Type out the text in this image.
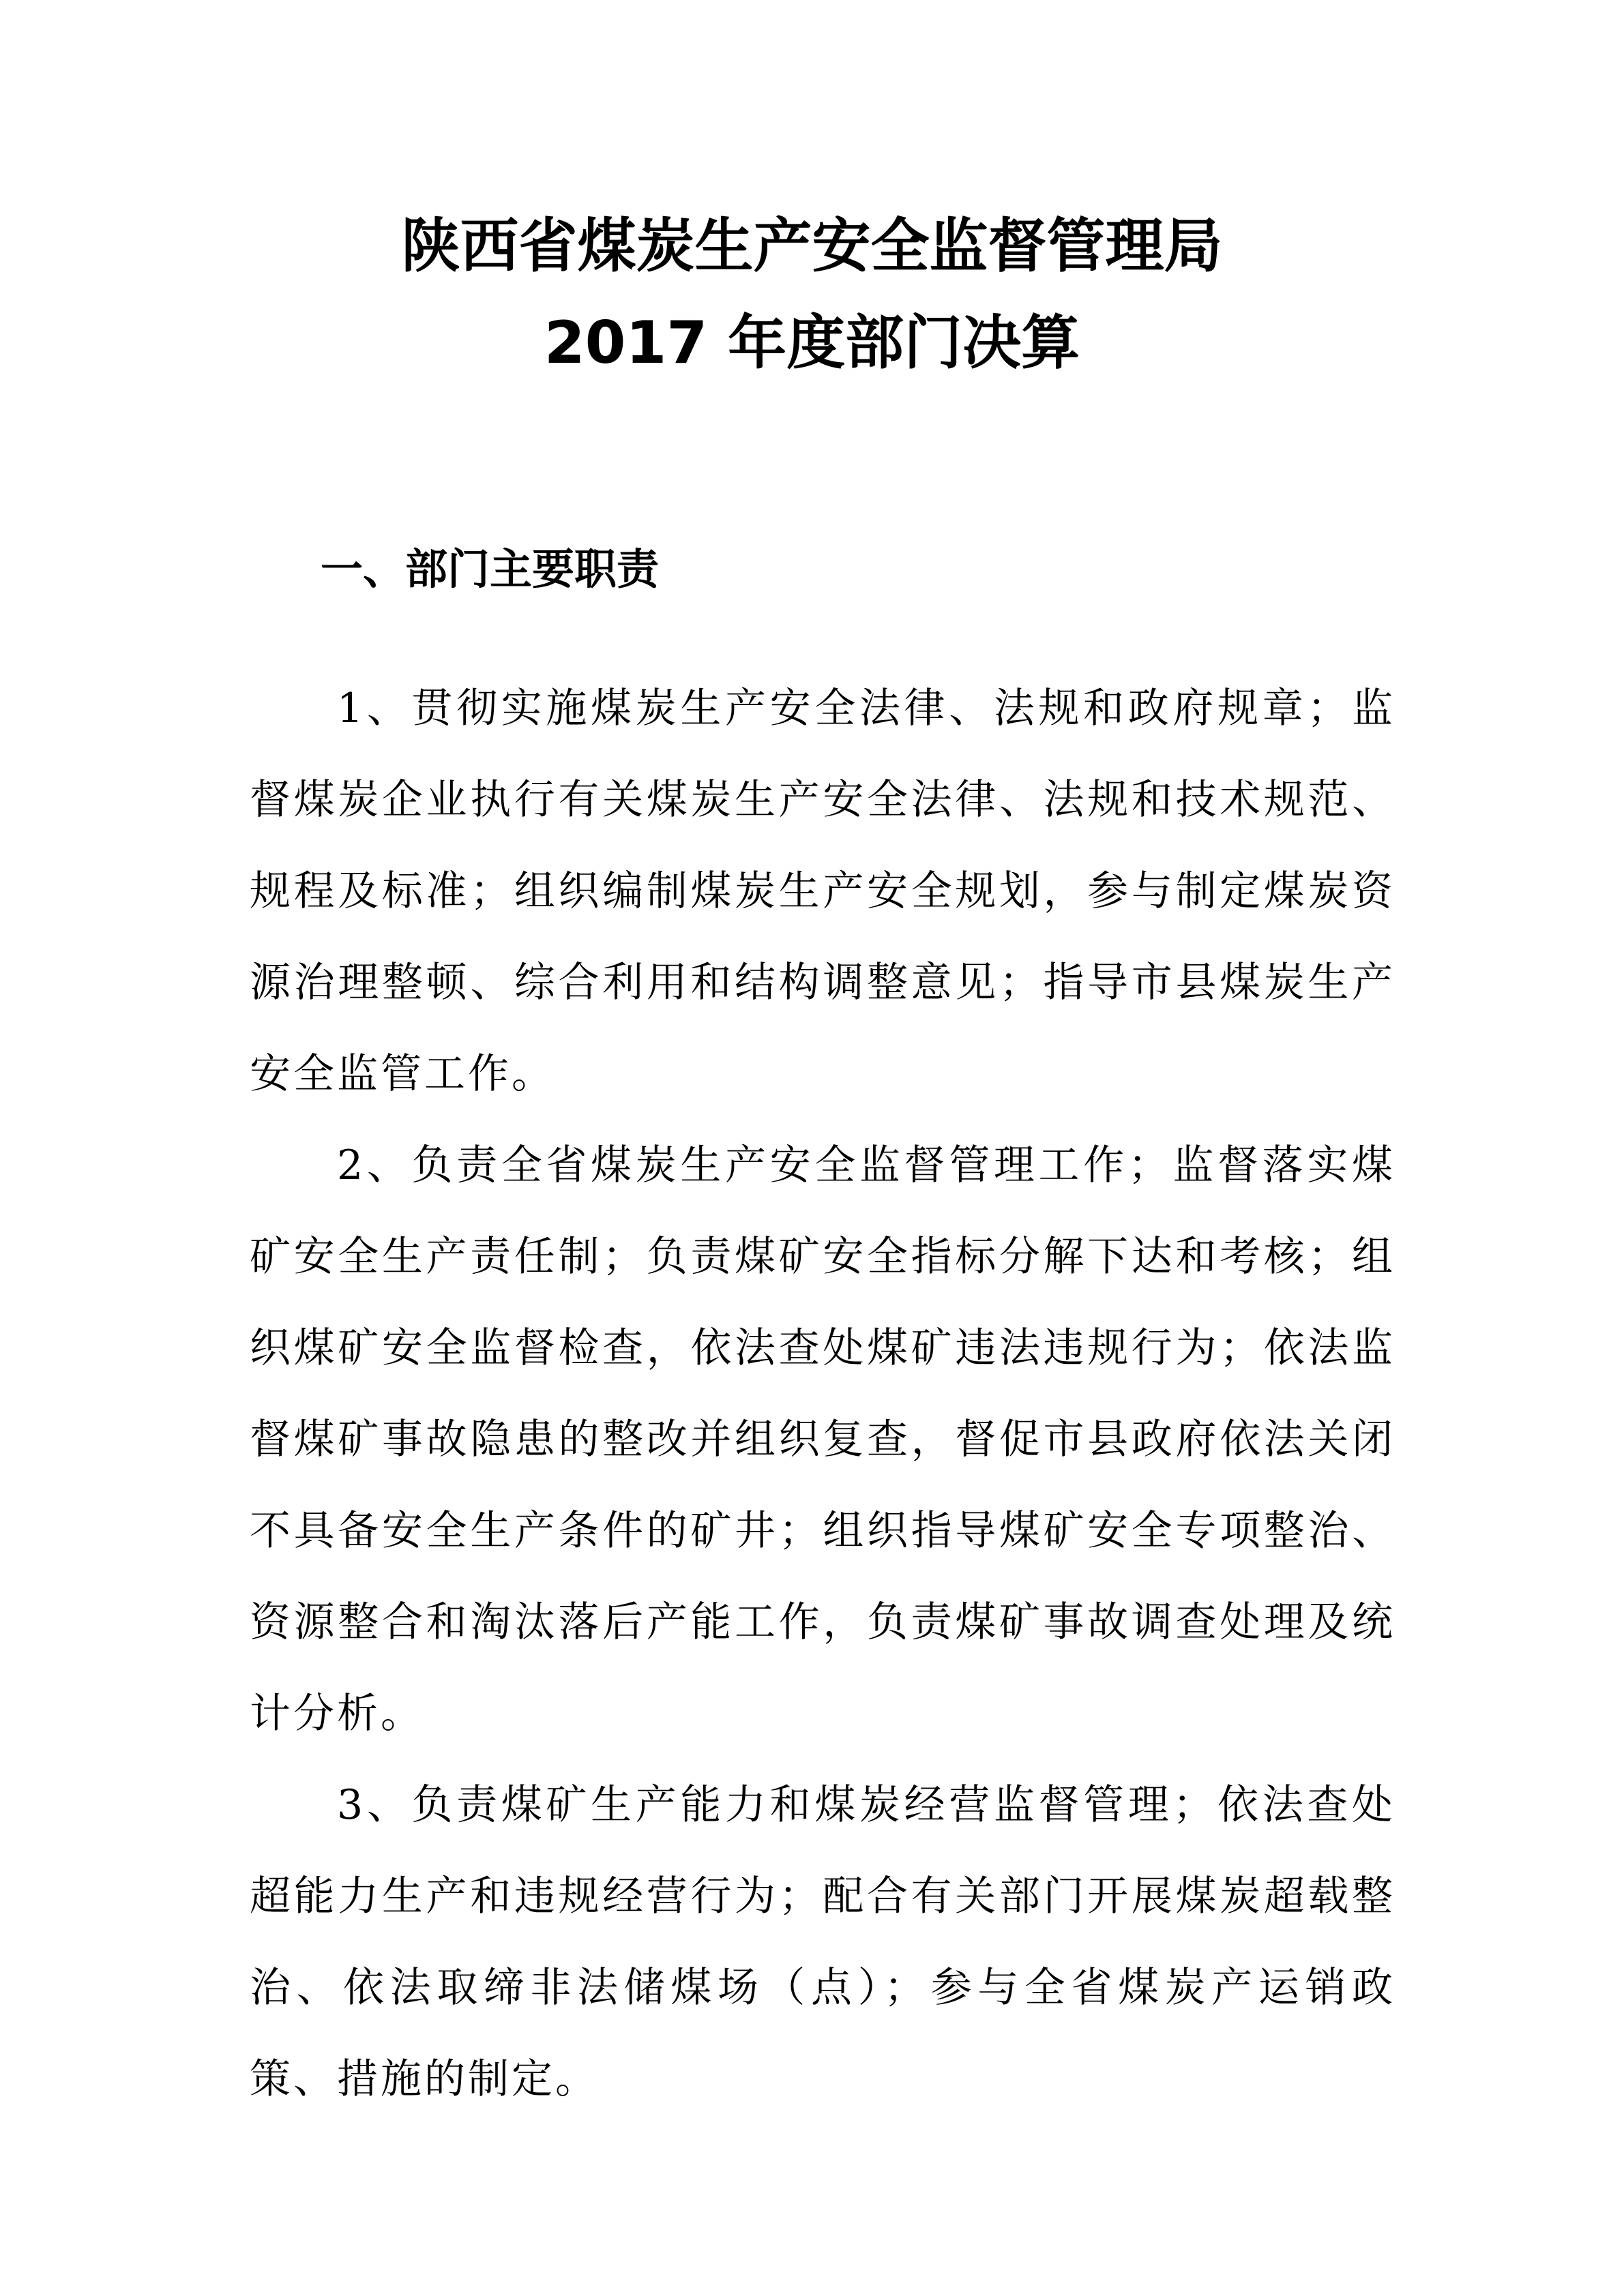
陕西省煤炭生产安全监督管理局
2017 年度部门决算
一、部门主要职责

1、贯彻实施煤炭生产安全法律、法规和政府规章；监督煤炭企业执行有关煤炭生产安全法律、法规和技术规范、规程及标准；组织编制煤炭生产安全规划，参与制定煤炭资源治理整顿、综合利用和结构调整意见；指导市县煤炭生产安全监管工作。

2、负责全省煤炭生产安全监督管理工作；监督落实煤矿安全生产责任制；负责煤矿安全指标分解下达和考核；组织煤矿安全监督检查，依法查处煤矿违法违规行为；依法监督煤矿事故隐患的整改并组织复查，督促市县政府依法关闭不具备安全生产条件的矿井；组织指导煤矿安全专项整治、资源整合和淘汰落后产能工作，负责煤矿事故调查处理及统计分析。

3、负责煤矿生产能力和煤炭经营监督管理；依法查处超能力生产和违规经营行为；配合有关部门开展煤炭超载整治、依法取缔非法储煤场（点）；参与全省煤炭产运销政策、措施的制定。
